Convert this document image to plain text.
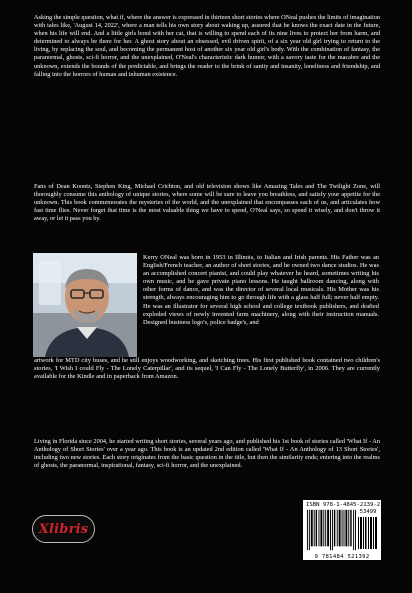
Asking the simple question, what if, where the answer is expressed in thirteen short stories where ONeal pushes the limits of imagination with tales like, 'August 14, 2022', where a man tells his own story about waking up, assured that he knows the exact date in the future, when his life will end. And a little girls bond with her cat, that is willing to spend each of its nine lives to protect her from harm, and determined to always be there for her. A ghost story about an obsessed, evil driven spirit, of a six year old girl trying to return to the living, by replacing the soul, and becoming the permanent host of another six year old girl's body. With the combination of fantasy, the paranormal, ghosts, sci-fi horror, and the unexplained, O'Neal's characteristic dark humor, with a savory taste for the macabre and the unknown, extends the bounds of the predictable, and brings the reader to the brink of sanity and insanity, loneliness and friendship, and falling into the horrors of human and inhuman existence.

Fans of Dean Koontz, Stephen King, Michael Crichton, and old television shows like Amazing Tales and The Twilight Zone, will thoroughly consume this anthology of unique stories, where some will be sure to leave you breathless, and satisfy your appetite for the unknown. This book commemorates the mysteries of the world, and the unexplained that encompasses each of us, and articulates how fast time flies. Never forget that time is the most valuable thing we have to spend, O'Neal says, so spend it wisely, and don't throw it away, or let it pass you by.

Kerry ONeal was born in 1953 in Illinois, to Italian and Irish parents. His Father was an English/French teacher, an author of short stories, and he owned two dance studios. He was an accomplished concert pianist, and could play whatever he heard, sometimes writing his own music, and he gave private piano lessons. He taught ballroom dancing, along with other forms of dance, and was the director of several local musicals. His Mother was his strength, always encouraging him to go through life with a glass half full; never half empty. He was an illustrator for several high school and college textbook publishers, and drafted exploded views of newly invented farm machinery, along with their instruction manuals. Designed business logo's, police badge's, and

artwork for MTD city buses, and he still enjoys woodworking, and sketching trees. His first published book contained two children's stories, 'I Wish I could Fly - The Lonely Caterpillar', and its sequel, 'I Can Fly - The Lonely Butterfly', in 2006. They are currently available for the Kindle and in paperback from Amazon.

Living in Florida since 2004, he started writing short stories, several years ago, and published his 1st book of stories called 'What If - An Anthology of Short Stories' over a year ago. This book is an updated 2nd edition called 'What If - An Anthology of 13 Short Stories', including two new stories. Each story originates from the basic question in the title, but then the similarity ends; entering into the realms of ghosts, the paranormal, inspirational, fantasy, sci-fi horror, and the unexplained.

Xlibris
ISBN 978-1-4845-2139-2
53499
9 781484 521392
